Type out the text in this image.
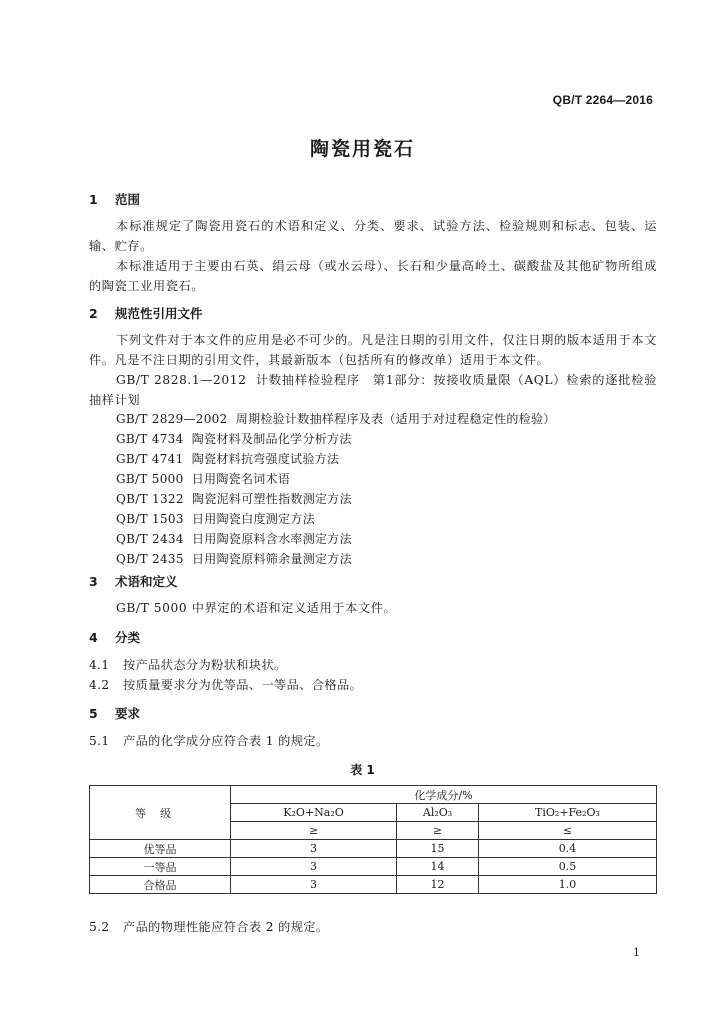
QB/T 2264—2016
陶瓷用瓷石
1 范围
本标准规定了陶瓷用瓷石的术语和定义、分类、要求、试验方法、检验规则和标志、包装、运输、贮存。
本标准适用于主要由石英、绢云母（或水云母）、长石和少量高岭土、碳酸盐及其他矿物所组成的陶瓷工业用瓷石。
2 规范性引用文件
下列文件对于本文件的应用是必不可少的。凡是注日期的引用文件，仅注日期的版本适用于本文件。凡是不注日期的引用文件，其最新版本（包括所有的修改单）适用于本文件。
GB/T 2828.1—2012 计数抽样检验程序　第1部分：按接收质量限（AQL）检索的逐批检验抽样计划
GB/T 2829—2002 周期检验计数抽样程序及表（适用于对过程稳定性的检验）
GB/T 4734 陶瓷材料及制品化学分析方法
GB/T 4741 陶瓷材料抗弯强度试验方法
GB/T 5000 日用陶瓷名词术语
QB/T 1322 陶瓷泥料可塑性指数测定方法
QB/T 1503 日用陶瓷白度测定方法
QB/T 2434 日用陶瓷原料含水率测定方法
QB/T 2435 日用陶瓷原料筛余量测定方法
3 术语和定义
GB/T 5000 中界定的术语和定义适用于本文件。
4 分类
4.1 按产品状态分为粉状和块状。
4.2 按质量要求分为优等品、一等品、合格品。
5 要求
5.1 产品的化学成分应符合表 1 的规定。
表 1
等级	化学成分/%		
	K₂O+Na₂O	Al₂O₃	TiO₂+Fe₂O₃
	≥	≥	≤
优等品	3	15	0.4
一等品	3	14	0.5
合格品	3	12	1.0
5.2 产品的物理性能应符合表 2 的规定。
1
